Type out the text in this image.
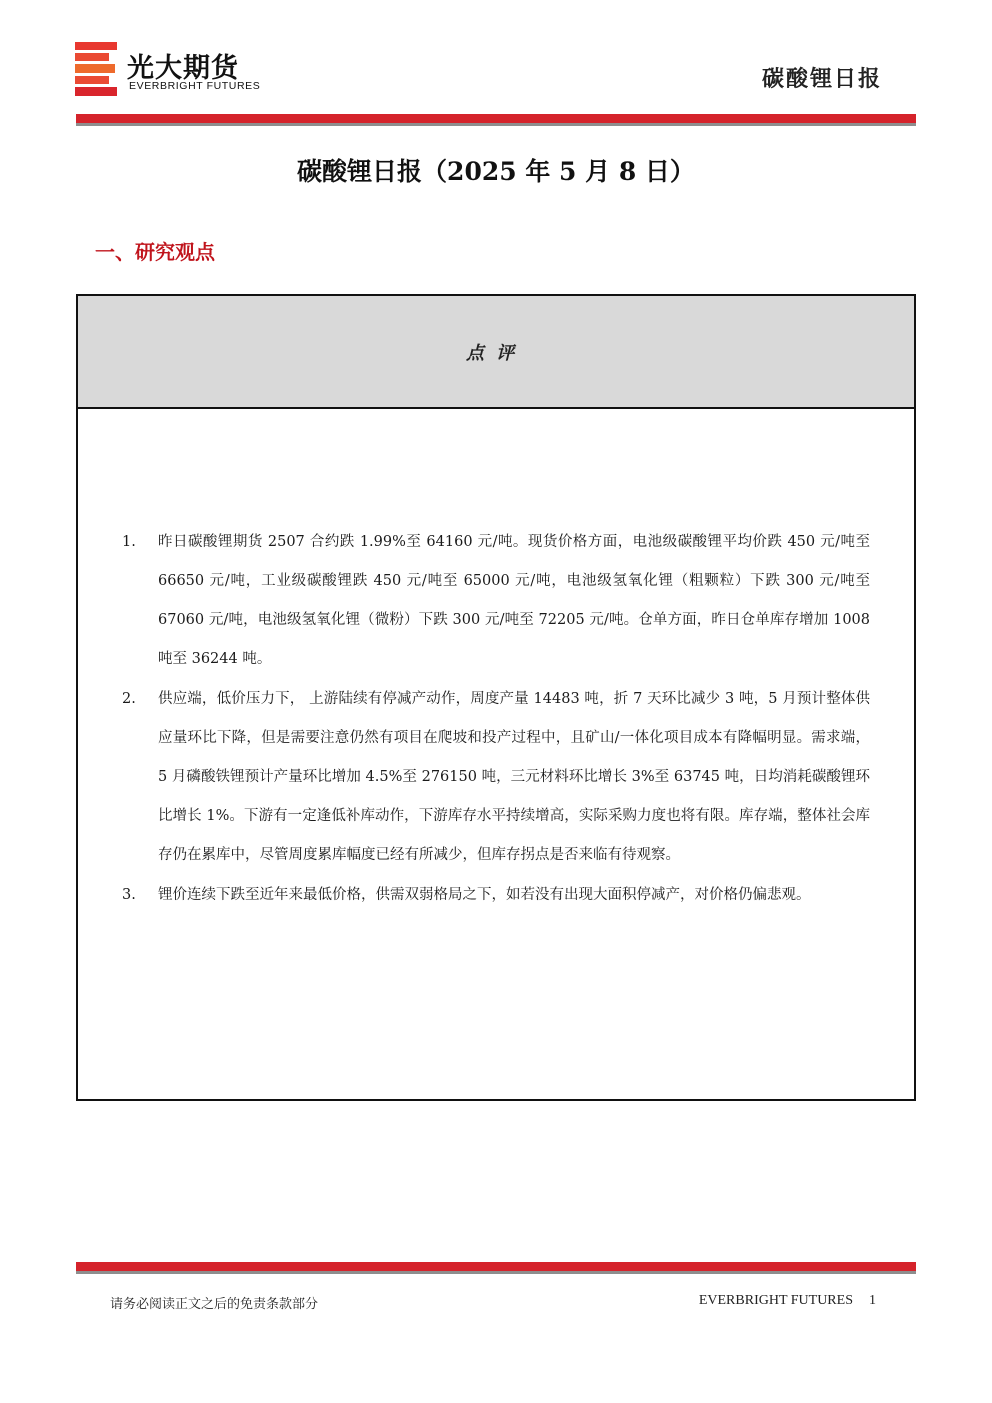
光大期货
EVERBRIGHT FUTURES	碳酸锂日报
碳酸锂日报（2025 年 5 月 8 日）
一、研究观点
点评
1. 昨日碳酸锂期货 2507 合约跌 1.99%至 64160 元/吨。现货价格方面，电池级碳酸锂平均价跌 450 元/吨至 66650 元/吨，工业级碳酸锂跌 450 元/吨至 65000 元/吨，电池级氢氧化锂（粗颗粒）下跌 300 元/吨至 67060 元/吨，电池级氢氧化锂（微粉）下跌 300 元/吨至 72205 元/吨。仓单方面，昨日仓单库存增加 1008 吨至 36244 吨。
2. 供应端，低价压力下， 上游陆续有停减产动作，周度产量 14483 吨，折 7 天环比减少 3 吨，5 月预计整体供应量环比下降，但是需要注意仍然有项目在爬坡和投产过程中，且矿山/一体化项目成本有降幅明显。需求端， 5 月磷酸铁锂预计产量环比增加 4.5%至 276150 吨，三元材料环比增长 3%至 63745 吨，日均消耗碳酸锂环比增长 1%。下游有一定逢低补库动作，下游库存水平持续增高，实际采购力度也将有限。库存端，整体社会库存仍在累库中，尽管周度累库幅度已经有所减少，但库存拐点是否来临有待观察。
3. 锂价连续下跌至近年来最低价格，供需双弱格局之下，如若没有出现大面积停减产，对价格仍偏悲观。
请务必阅读正文之后的免责条款部分	EVERBRIGHT FUTURES 1
